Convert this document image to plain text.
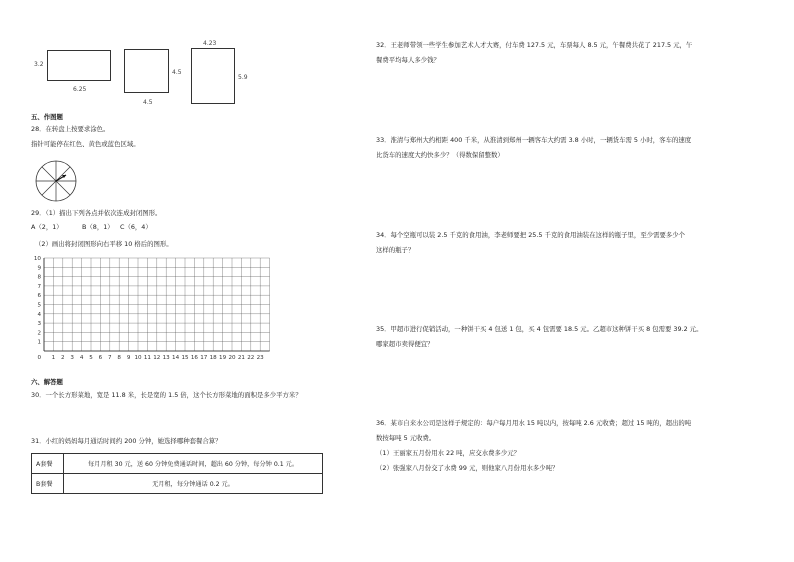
3.2
6.25
4.5
4.5
4.23
5.9
五、作图题
28．在转盘上按要求涂色。
指针可能停在红色、黄色或蓝色区域。
29．（1）描出下列各点并依次连成封闭图形。
A（2，1）	B（8，1） C（6，4）
（2）画出将封闭图形向右平移 10 格后的图形。
10
9
8
7
6
5
4
3
2
1
0 1 2 3 4 5 6 7 8 9 10 11 12 13 14 15 16 17 18 19 20 21 22 23
六、解答题
30．一个长方形菜地，宽是 11.8 米，长是宽的 1.5 倍，这个长方形菜地的面积是多少平方米？
31．小红的妈妈每月通话时间约 200 分钟，她选择哪种套餐合算？
A套餐	每月月租 30 元，送 60 分钟免费通话时间，超出 60 分钟，每分钟 0.1 元。
B套餐	无月租，每分钟通话 0.2 元。
32．王老师带领一些学生参加艺术人才大赛，付车费 127.5 元，车票每人 8.5 元，午餐费共花了 217.5 元，午
餐费平均每人多少钱？
33．淮清与郑州大约相距 400 千米，从淮清到郑州一辆客车大约需 3.8 小时，一辆货车需 5 小时，客车的速度
比货车的速度大约快多少？（得数保留整数）
34．每个空瓶可以装 2.5 千克的食用油，李老师要把 25.5 千克的食用油装在这样的瓶子里，至少需要多少个
这样的瓶子？
35．甲超市进行促销活动，一种饼干买 4 包送 1 包，买 4 包需要 18.5 元。乙超市这种饼干买 8 包需要 39.2 元。
哪家超市卖得便宜？
36．某市自来水公司是这样子规定的：每户每月用水 15 吨以内，按每吨 2.6 元收费；超过 15 吨的，超出的吨
数按每吨 5 元收费。
（1）王丽家五月份用水 22 吨，应交水费多少元？
（2）张强家八月份交了水费 99 元，则他家八月份用水多少吨？
